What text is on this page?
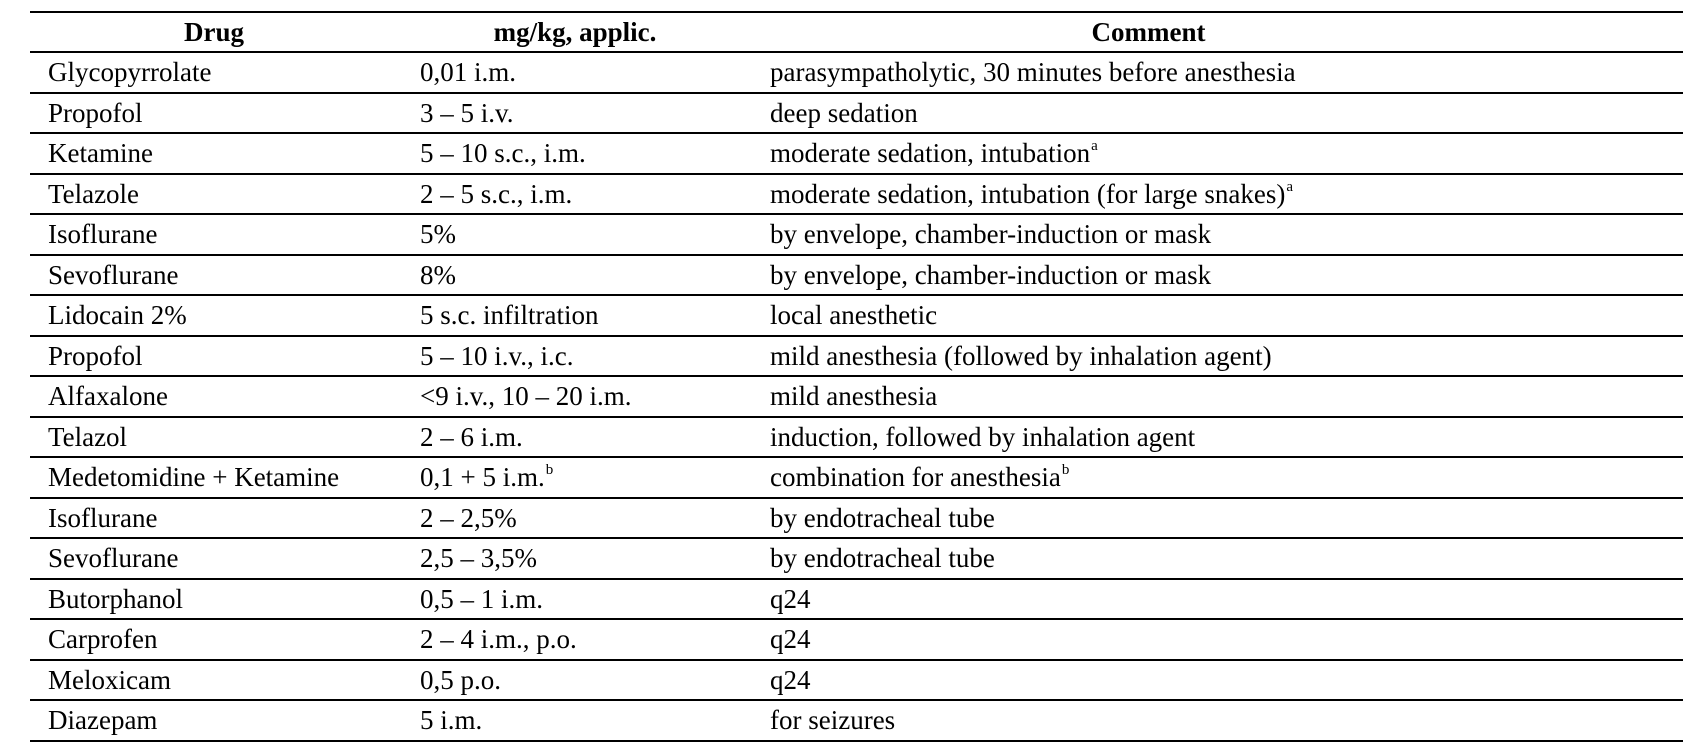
Drug	mg/kg, applic.	Comment
Glycopyrrolate	0,01 i.m.	parasympatholytic, 30 minutes before anesthesia
Propofol	3 – 5 i.v.	deep sedation
Ketamine	5 – 10 s.c., i.m.	moderate sedation, intubation$^a$
Telazole	2 – 5 s.c., i.m.	moderate sedation, intubation (for large snakes)$^a$
Isoflurane	5%	by envelope, chamber-induction or mask
Sevoflurane	8%	by envelope, chamber-induction or mask
Lidocain 2%	5 s.c. infiltration	local anesthetic
Propofol	5 – 10 i.v., i.c.	mild anesthesia (followed by inhalation agent)
Alfaxalone	<9 i.v., 10 – 20 i.m.	mild anesthesia
Telazol	2 – 6 i.m.	induction, followed by inhalation agent
Medetomidine + Ketamine	0,1 + 5 i.m.$^b$	combination for anesthesia$^b$
Isoflurane	2 – 2,5%	by endotracheal tube
Sevoflurane	2,5 – 3,5%	by endotracheal tube
Butorphanol	0,5 – 1 i.m.	q24
Carprofen	2 – 4 i.m., p.o.	q24
Meloxicam	0,5 p.o.	q24
Diazepam	5 i.m.	for seizures
